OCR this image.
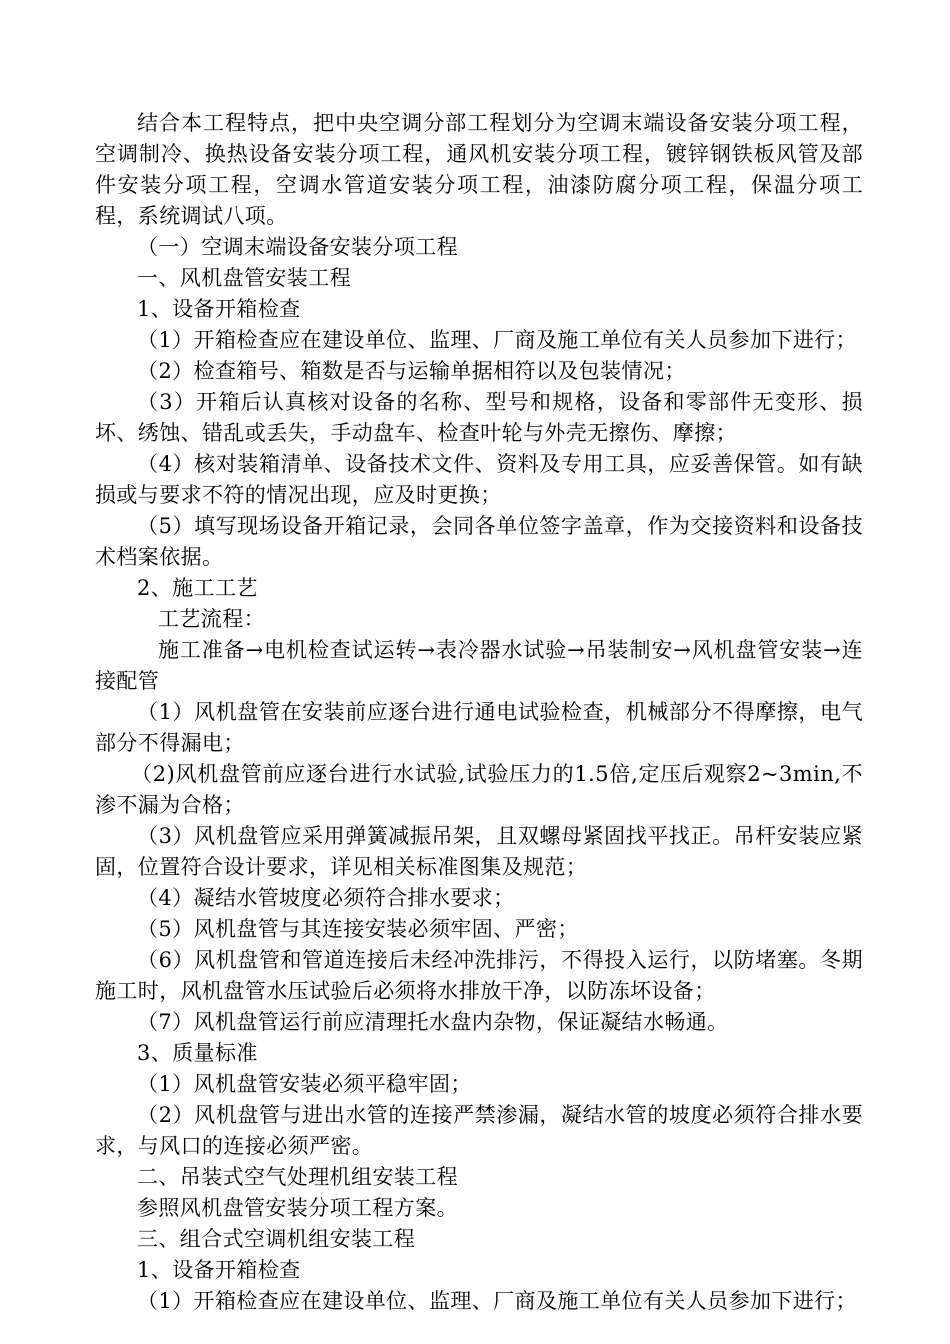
结合本工程特点，把中央空调分部工程划分为空调末端设备安装分项工程，空调制冷、换热设备安装分项工程，通风机安装分项工程，镀锌钢铁板风管及部件安装分项工程，空调水管道安装分项工程，油漆防腐分项工程，保温分项工程，系统调试八项。

（一）空调末端设备安装分项工程

一、风机盘管安装工程

1、设备开箱检查

（1）开箱检查应在建设单位、监理、厂商及施工单位有关人员参加下进行；

（2）检查箱号、箱数是否与运输单据相符以及包装情况；

（3）开箱后认真核对设备的名称、型号和规格，设备和零部件无变形、损坏、绣蚀、错乱或丢失，手动盘车、检查叶轮与外壳无擦伤、摩擦；

（4）核对装箱清单、设备技术文件、资料及专用工具，应妥善保管。如有缺损或与要求不符的情况出现，应及时更换；

（5）填写现场设备开箱记录，会同各单位签字盖章，作为交接资料和设备技术档案依据。

2、施工工艺

工艺流程：

施工准备→电机检查试运转→表冷器水试验→吊装制安→风机盘管安装→连接配管

（1）风机盘管在安装前应逐台进行通电试验检查，机械部分不得摩擦，电气部分不得漏电；

（2)风机盘管前应逐台进行水试验,试验压力的1.5倍,定压后观察2~3min,不渗不漏为合格；

（3）风机盘管应采用弹簧减振吊架，且双螺母紧固找平找正。吊杆安装应紧固，位置符合设计要求，详见相关标准图集及规范；

（4）凝结水管坡度必须符合排水要求；

（5）风机盘管与其连接安装必须牢固、严密；

（6）风机盘管和管道连接后未经冲洗排污，不得投入运行，以防堵塞。冬期施工时，风机盘管水压试验后必须将水排放干净，以防冻坏设备；

（7）风机盘管运行前应清理托水盘内杂物，保证凝结水畅通。

3、质量标准

（1）风机盘管安装必须平稳牢固；

（2）风机盘管与进出水管的连接严禁渗漏，凝结水管的坡度必须符合排水要求，与风口的连接必须严密。

二、吊装式空气处理机组安装工程

参照风机盘管安装分项工程方案。

三、组合式空调机组安装工程

1、设备开箱检查

（1）开箱检查应在建设单位、监理、厂商及施工单位有关人员参加下进行；
